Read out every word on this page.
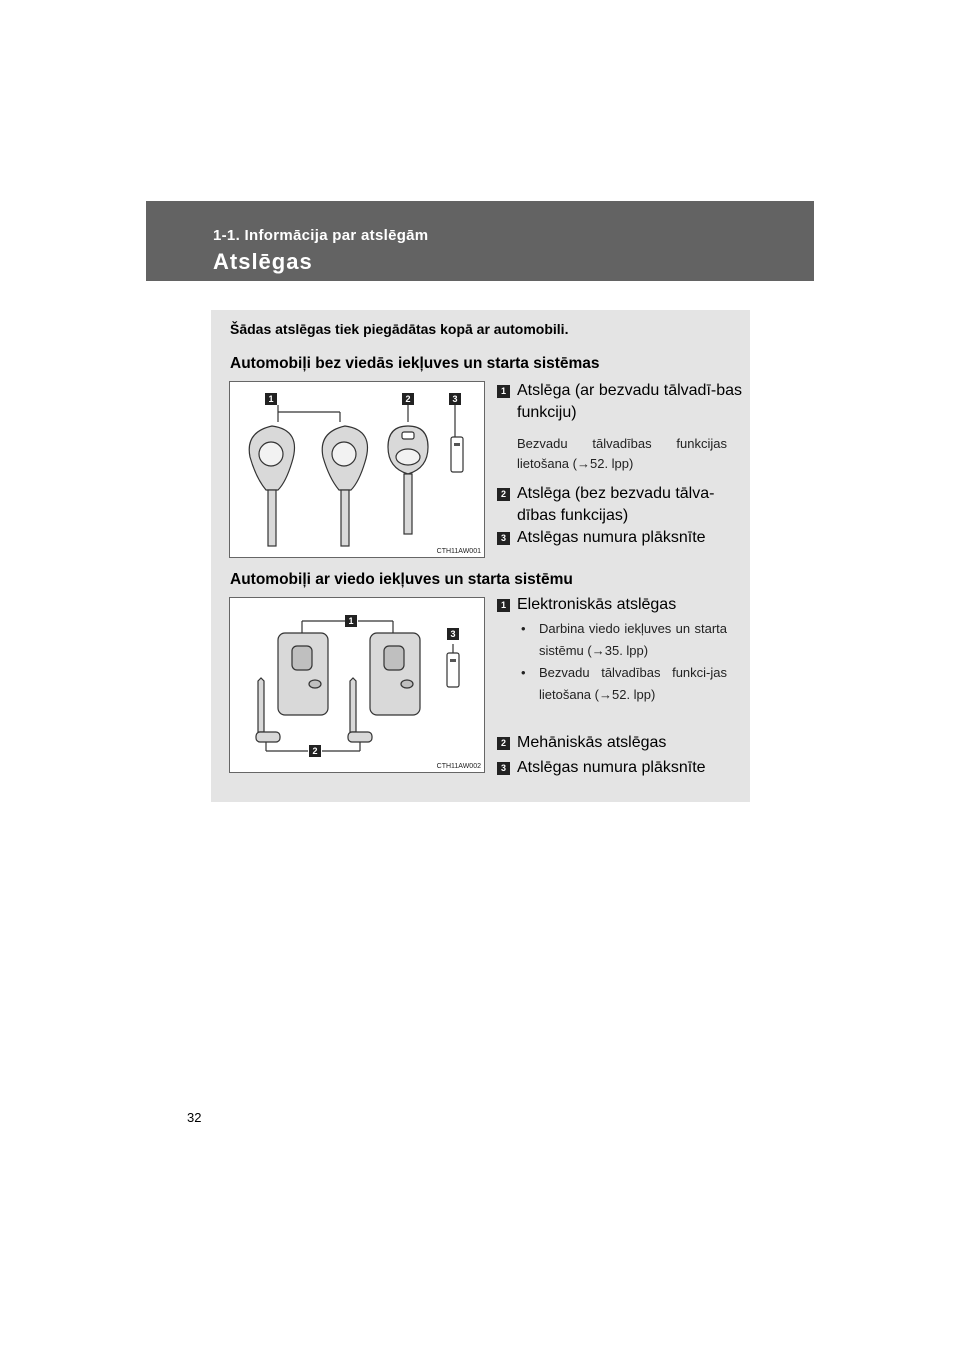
1-1. Informācija par atslēgām
Atslēgas
Šādas atslēgas tiek piegādātas kopā ar automobili.
Automobiļi bez viedās iekļuves un starta sistēmas
1	2	3
CTH11AW001
1 Atslēga (ar bezvadu tālvadī-bas funkciju)
Bezvadu tālvadības funkcijas lietošana (→52. lpp)
2 Atslēga (bez bezvadu tālva-dības funkcijas)
3 Atslēgas numura plāksnīte
Automobiļi ar viedo iekļuves un starta sistēmu
1
3
2
CTH11AW002
1 Elektroniskās atslēgas
• Darbina viedo iekļuves un starta sistēmu (→35. lpp)
• Bezvadu tālvadības funkci-jas lietošana (→52. lpp)
2 Mehāniskās atslēgas
3 Atslēgas numura plāksnīte
32
